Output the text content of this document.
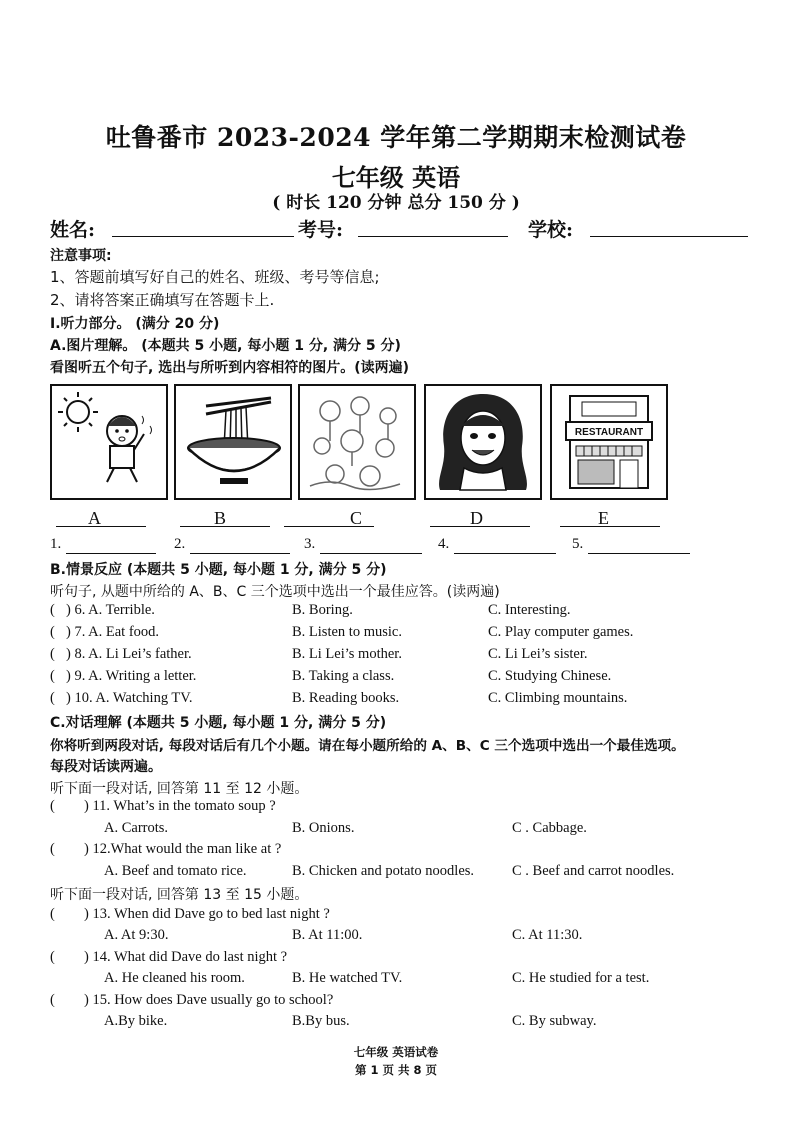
吐鲁番市 2023-2024 学年第二学期期末检测试卷
七年级 英语
( 时长 120 分钟 总分 150 分 )
姓名:	考号:	学校:
注意事项:
1、答题前填写好自己的姓名、班级、考号等信息;
2、请将答案正确填写在答题卡上.
I.听力部分。 (满分 20 分)
A.图片理解。 (本题共 5 小题, 每小题 1 分, 满分 5 分)
看图听五个句子, 选出与所听到内容相符的图片。(读两遍)
RESTAURANT
A	B	C	D	E
1.	2.	3.	4.	5.
B.情景反应 (本题共 5 小题, 每小题 1 分, 满分 5 分)
听句子, 从题中所给的 A、B、C 三个选项中选出一个最佳应答。(读两遍)
( ) 6. A. Terrible.	B. Boring.	C. Interesting.
( ) 7. A. Eat food.	B. Listen to music.	C. Play computer games.
( ) 8. A. Li Lei’s father.	B. Li Lei’s mother.	C. Li Lei’s sister.
( ) 9. A. Writing a letter.	B. Taking a class.	C. Studying Chinese.
( ) 10. A. Watching TV.	B. Reading books.	C. Climbing mountains.
C.对话理解 (本题共 5 小题, 每小题 1 分, 满分 5 分)
你将听到两段对话, 每段对话后有几个小题。请在每小题所给的 A、B、C 三个选项中选出一个最佳选项。
每段对话读两遍。
听下面一段对话, 回答第 11 至 12 小题。
( ) 11. What’s in the tomato soup ?
A. Carrots.	B. Onions.	C . Cabbage.
( ) 12.What would the man like at ?
A. Beef and tomato rice.	B. Chicken and potato noodles.	C . Beef and carrot noodles.
听下面一段对话, 回答第 13 至 15 小题。
( ) 13. When did Dave go to bed last night ?
A. At 9:30.	B. At 11:00.	C. At 11:30.
( ) 14. What did Dave do last night ?
A. He cleaned his room.	B. He watched TV.	C. He studied for a test.
( ) 15. How does Dave usually go to school?
A.By bike.	B.By bus.	C. By subway.
七年级 英语试卷
第 1 页 共 8 页
